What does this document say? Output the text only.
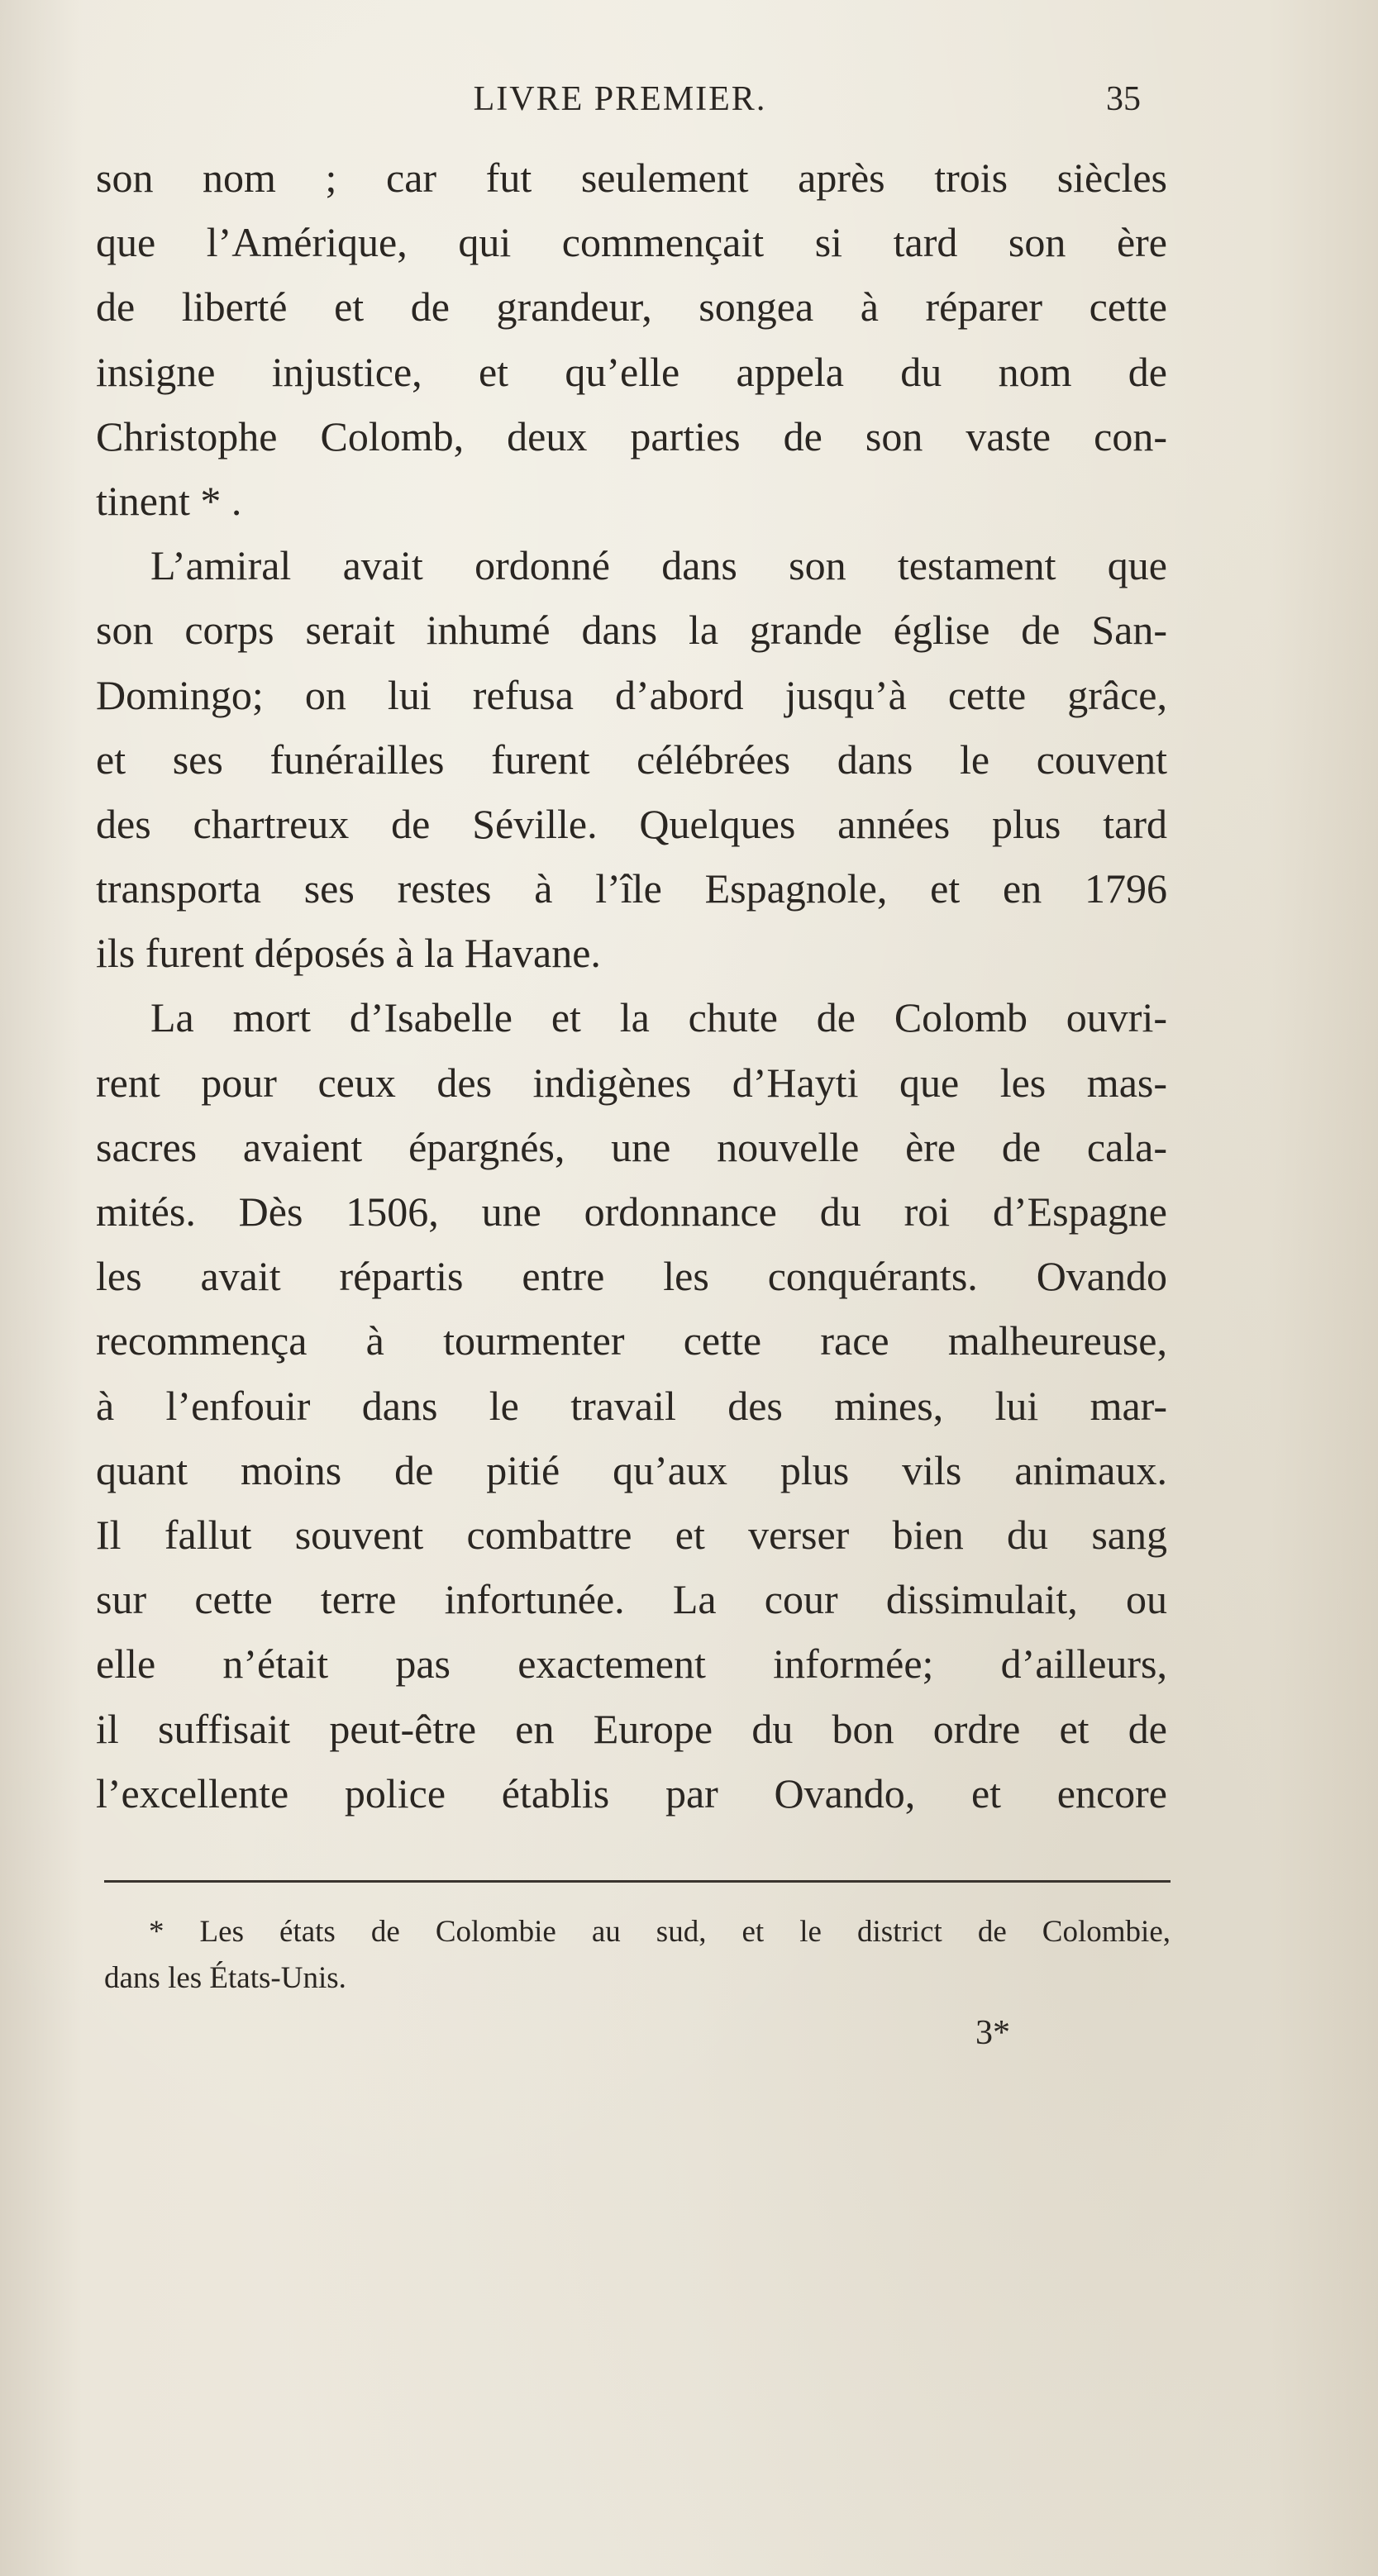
LIVRE PREMIER.	35
son nom ; car fut seulement après trois siècles
que l’Amérique, qui commençait si tard son ère
de liberté et de grandeur, songea à réparer cette
insigne injustice, et qu’elle appela du nom de
Christophe Colomb, deux parties de son vaste con-
tinent * .
L’amiral avait ordonné dans son testament que
son corps serait inhumé dans la grande église de San-
Domingo; on lui refusa d’abord jusqu’à cette grâce,
et ses funérailles furent célébrées dans le couvent
des chartreux de Séville. Quelques années plus tard
transporta ses restes à l’île Espagnole, et en 1796
ils furent déposés à la Havane.
La mort d’Isabelle et la chute de Colomb ouvri-
rent pour ceux des indigènes d’Hayti que les mas-
sacres avaient épargnés, une nouvelle ère de cala-
mités. Dès 1506, une ordonnance du roi d’Espagne
les avait répartis entre les conquérants. Ovando
recommença à tourmenter cette race malheureuse,
à l’enfouir dans le travail des mines, lui mar-
quant moins de pitié qu’aux plus vils animaux.
Il fallut souvent combattre et verser bien du sang
sur cette terre infortunée. La cour dissimulait, ou
elle n’était pas exactement informée; d’ailleurs,
il suffisait peut-être en Europe du bon ordre et de
l’excellente police établis par Ovando, et encore
* Les états de Colombie au sud, et le district de Colombie,
dans les États-Unis.
3*
